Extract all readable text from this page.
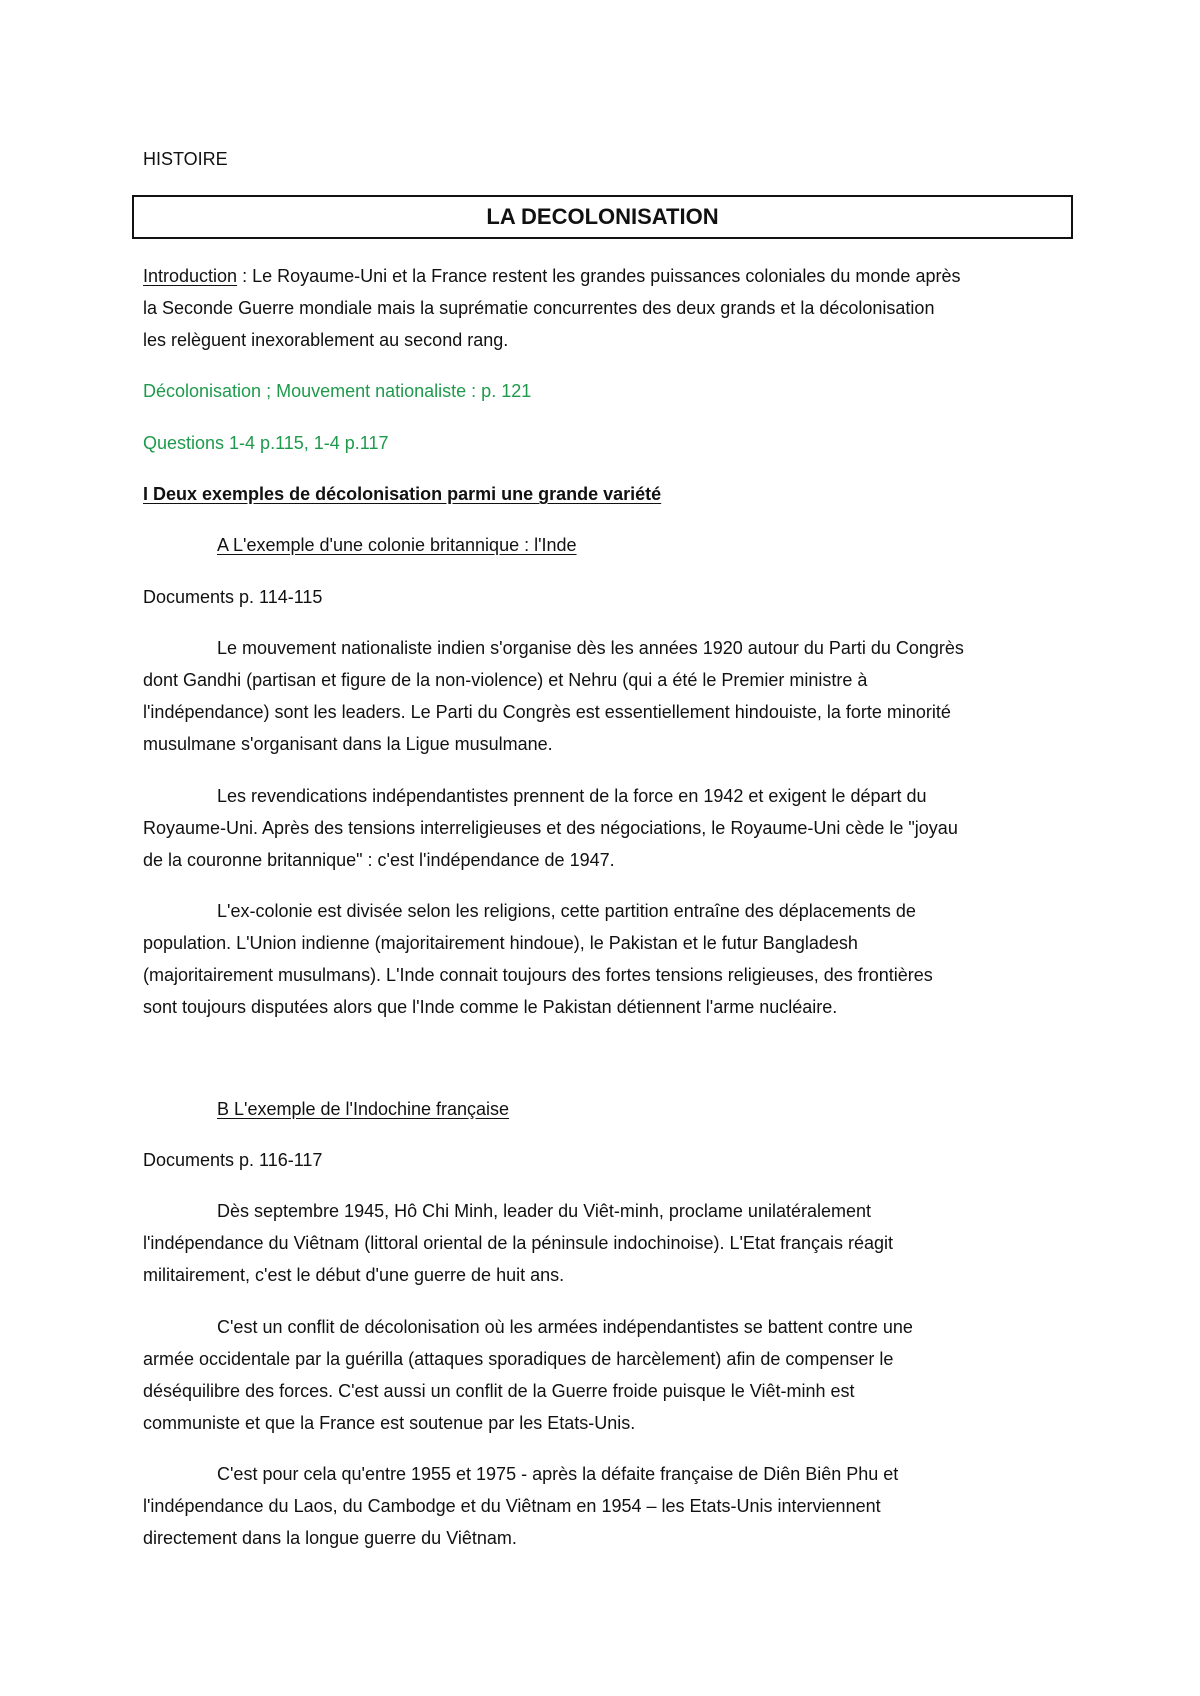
HISTOIRE
LA DECOLONISATION
Introduction : Le Royaume-Uni et la France restent les grandes puissances coloniales du monde après
la Seconde Guerre mondiale mais la suprématie concurrentes des deux grands et la décolonisation
les relèguent inexorablement au second rang.
Décolonisation ; Mouvement nationaliste : p. 121
Questions 1-4 p.115, 1-4 p.117
I Deux exemples de décolonisation parmi une grande variété
A L'exemple d'une colonie britannique : l'Inde
Documents p. 114-115
Le mouvement nationaliste indien s'organise dès les années 1920 autour du Parti du Congrès
dont Gandhi (partisan et figure de la non-violence) et Nehru (qui a été le Premier ministre à
l'indépendance) sont les leaders. Le Parti du Congrès est essentiellement hindouiste, la forte minorité
musulmane s'organisant dans la Ligue musulmane.
Les revendications indépendantistes prennent de la force en 1942 et exigent le départ du
Royaume-Uni. Après des tensions interreligieuses et des négociations, le Royaume-Uni cède le "joyau
de la couronne britannique" : c'est l'indépendance de 1947.
L'ex-colonie est divisée selon les religions, cette partition entraîne des déplacements de
population. L'Union indienne (majoritairement hindoue), le Pakistan et le futur Bangladesh
(majoritairement musulmans). L'Inde connait toujours des fortes tensions religieuses, des frontières
sont toujours disputées alors que l'Inde comme le Pakistan détiennent l'arme nucléaire.
B L'exemple de l'Indochine française
Documents p. 116-117
Dès septembre 1945, Hô Chi Minh, leader du Viêt-minh, proclame unilatéralement
l'indépendance du Viêtnam (littoral oriental de la péninsule indochinoise). L'Etat français réagit
militairement, c'est le début d'une guerre de huit ans.
C'est un conflit de décolonisation où les armées indépendantistes se battent contre une
armée occidentale par la guérilla (attaques sporadiques de harcèlement) afin de compenser le
déséquilibre des forces. C'est aussi un conflit de la Guerre froide puisque le Viêt-minh est
communiste et que la France est soutenue par les Etats-Unis.
C'est pour cela qu'entre 1955 et 1975 - après la défaite française de Diên Biên Phu et
l'indépendance du Laos, du Cambodge et du Viêtnam en 1954 – les Etats-Unis interviennent
directement dans la longue guerre du Viêtnam.
